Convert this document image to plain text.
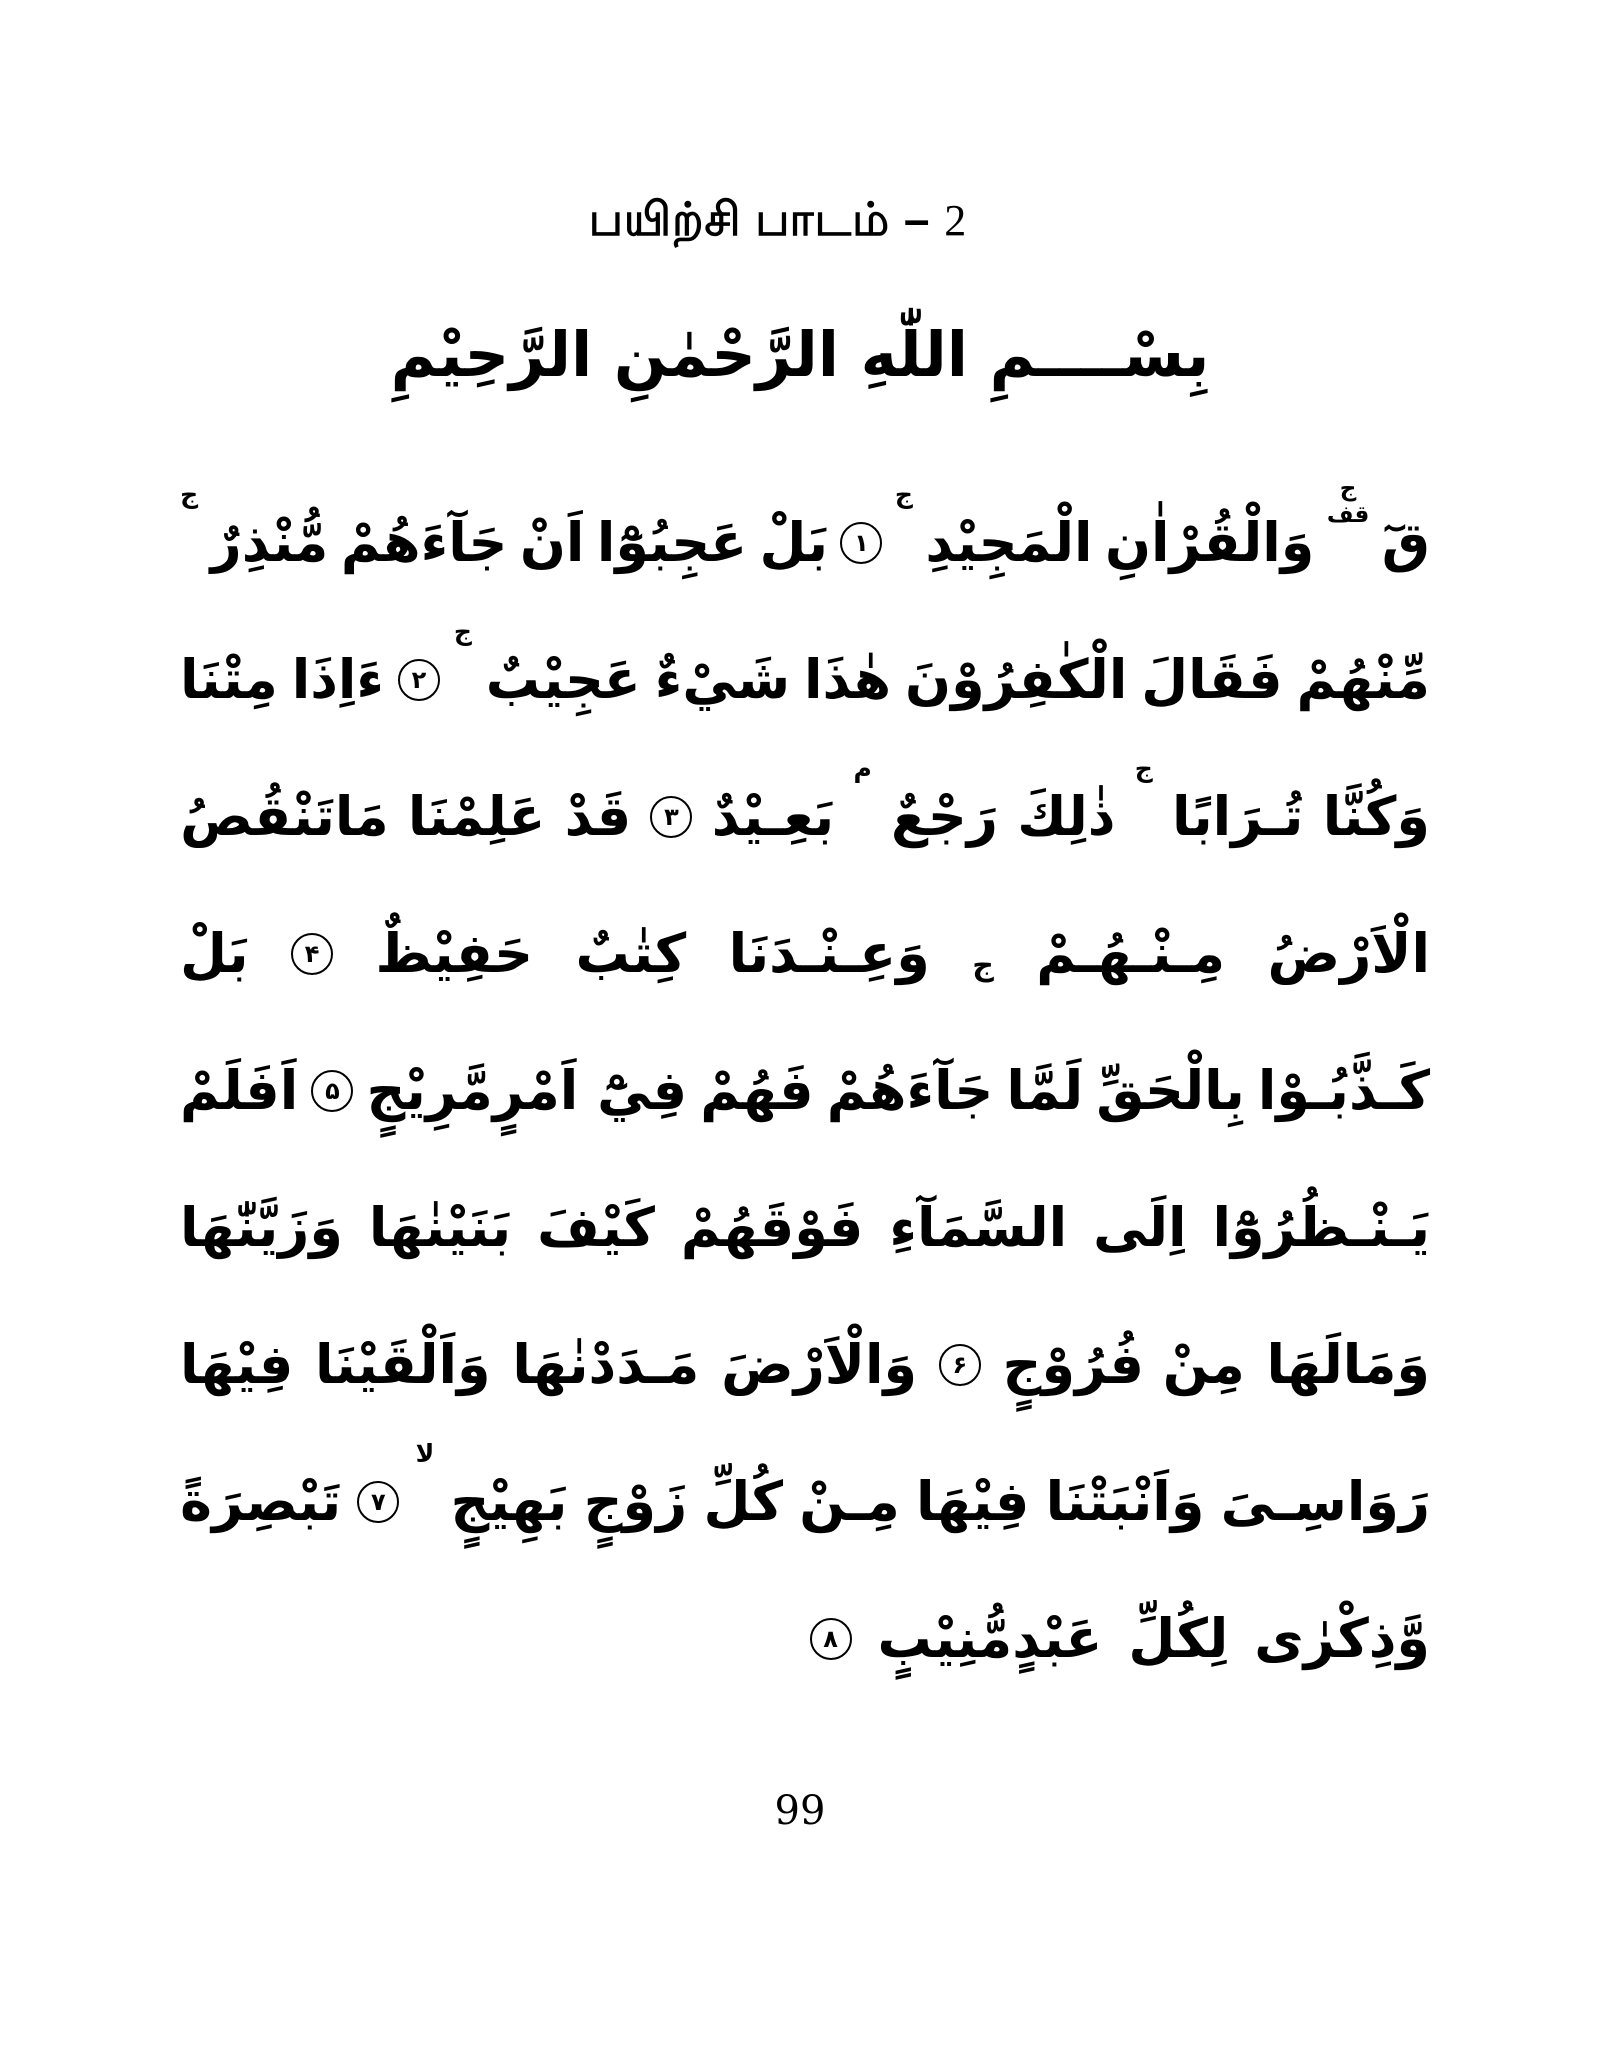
பயிற்சி பாடம் – 2
بِسْــــمِ اللّٰهِ الرَّحْمٰنِ الرَّحِيْمِ
قٓ
ج
قف
وَالْقُرْاٰنِ
الْمَجِيْدِ
ج
۱
بَلْ
عَجِبُوْٓا
اَنْ
جَآءَهُمْ
مُّنْذِرٌ
ج
مِّنْهُمْ
فَقَالَ
الْكٰفِرُوْنَ
هٰذَا
شَيْءٌ
عَجِيْبٌ
ج
۲
ءَاِذَا
مِتْنَا
وَكُنَّا
تُـرَابًا
ج
ذٰلِكَ
رَجْعٌ
م
بَعِـيْدٌ
۳
قَدْ
عَلِمْنَا
مَاتَنْقُصُ
الْاَرْضُ
مِـنْـهُـمْ
ج
وَعِـنْـدَنَا
كِتٰبٌ
حَفِيْظٌ
۴
بَلْ
كَـذَّبُـوْا
بِالْحَقِّ
لَمَّا
جَآءَهُمْ
فَهُمْ
فِيْٓ اَمْرٍمَّرِيْجٍ
۵
اَفَلَمْ
يَـنْـظُرُوْٓا
اِلَى
السَّمَآءِ
فَوْقَهُمْ
كَيْفَ
بَنَيْنٰهَا
وَزَيَّنّٰهَا
وَمَالَهَا
مِنْ فُرُوْجٍ
۶
وَالْاَرْضَ
مَـدَدْنٰهَا
وَاَلْقَيْنَا
فِيْهَا
رَوَاسِـىَ
وَاَنْبَتْنَا
فِيْهَا
مِـنْ
كُلِّ
زَوْجٍ
بَهِيْجٍ
لا
۷
تَبْصِرَةً
وَّذِكْرٰى
لِكُلِّ
عَبْدٍمُّنِيْبٍ
۸
99
